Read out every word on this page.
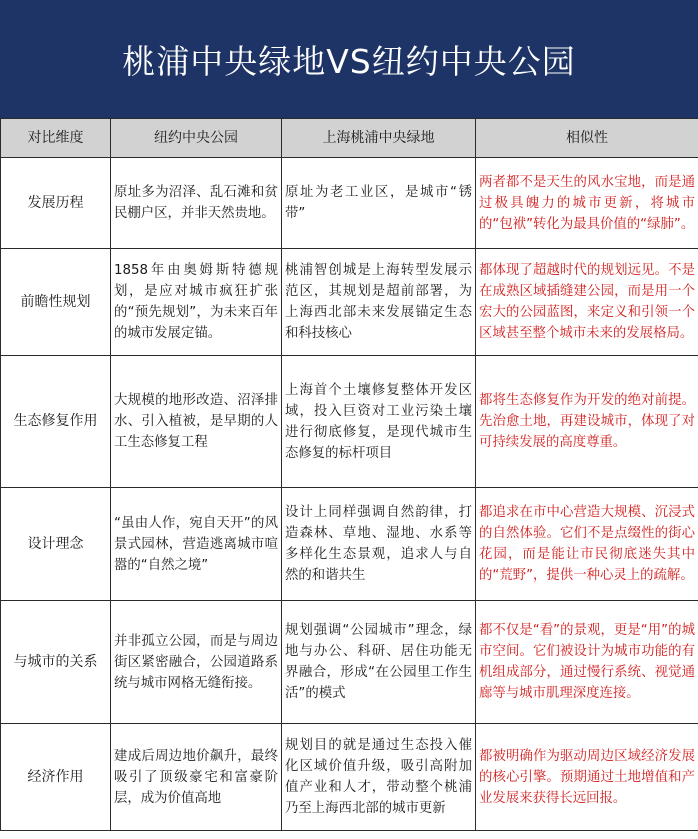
桃浦中央绿地VS纽约中央公园
对比维度	纽约中央公园	上海桃浦中央绿地	相似性
发展历程	原址多为沼泽、乱石滩和贫民棚户区，并非天然贵地。	原址为老工业区，是城市“锈带”	两者都不是天生的风水宝地，而是通过极具魄力的城市更新，将城市的“包袱”转化为最具价值的“绿肺”。
前瞻性规划	1858年由奥姆斯特德规划，是应对城市疯狂扩张的“预先规划”，为未来百年的城市发展定锚。	桃浦智创城是上海转型发展示范区，其规划是超前部署，为上海西北部未来发展锚定生态和科技核心	都体现了超越时代的规划远见。不是在成熟区域插缝建公园，而是用一个宏大的公园蓝图，来定义和引领一个区域甚至整个城市未来的发展格局。
生态修复作用	大规模的地形改造、沼泽排水、引入植被，是早期的人工生态修复工程	上海首个土壤修复整体开发区域，投入巨资对工业污染土壤进行彻底修复，是现代城市生态修复的标杆项目	都将生态修复作为开发的绝对前提。先治愈土地，再建设城市，体现了对可持续发展的高度尊重。
设计理念	“虽由人作，宛自天开”的风景式园林，营造逃离城市喧嚣的“自然之境”	设计上同样强调自然韵律，打造森林、草地、湿地、水系等多样化生态景观，追求人与自然的和谐共生	都追求在市中心营造大规模、沉浸式的自然体验。它们不是点缀性的街心花园，而是能让市民彻底迷失其中的“荒野”，提供一种心灵上的疏解。
与城市的关系	并非孤立公园，而是与周边街区紧密融合，公园道路系统与城市网格无缝衔接。	规划强调“公园城市”理念，绿地与办公、科研、居住功能无界融合，形成“在公园里工作生活”的模式	都不仅是“看”的景观，更是“用”的城市空间。它们被设计为城市功能的有机组成部分，通过慢行系统、视觉通廊等与城市肌理深度连接。
经济作用	建成后周边地价飙升，最终吸引了顶级豪宅和富豪阶层，成为价值高地	规划目的就是通过生态投入催化区域价值升级，吸引高附加值产业和人才，带动整个桃浦乃至上海西北部的城市更新	都被明确作为驱动周边区域经济发展的核心引擎。预期通过土地增值和产业发展来获得长远回报。
